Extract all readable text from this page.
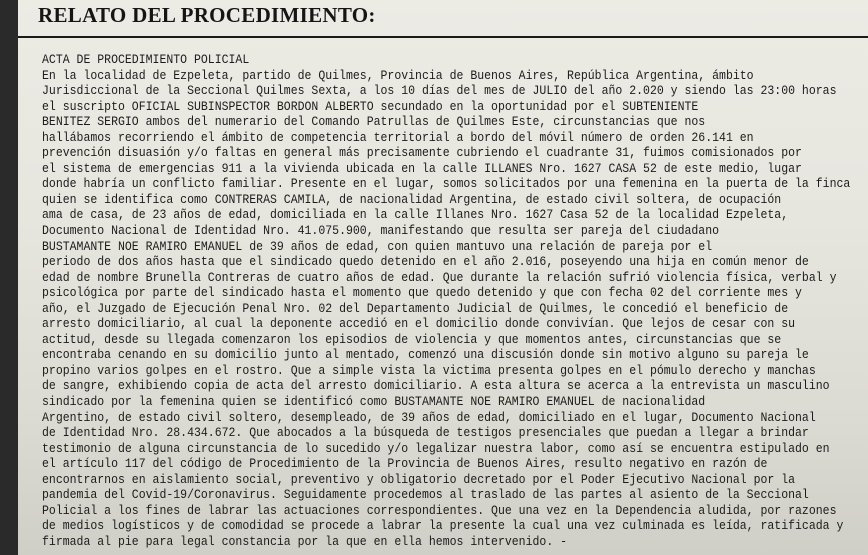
RELATO DEL PROCEDIMIENTO:
ACTA DE PROCEDIMIENTO POLICIAL
En la localidad de Ezpeleta, partido de Quilmes, Provincia de Buenos Aires, República Argentina, ámbito
Jurisdiccional de la Seccional Quilmes Sexta, a los 10 días del mes de JULIO del año 2.020 y siendo las 23:00 horas
el suscripto OFICIAL SUBINSPECTOR BORDON ALBERTO secundado en la oportunidad por el SUBTENIENTE
BENITEZ SERGIO ambos del numerario del Comando Patrullas de Quilmes Este, circunstancias que nos
hallábamos recorriendo el ámbito de competencia territorial a bordo del móvil número de orden 26.141 en
prevención disuasión y/o faltas en general más precisamente cubriendo el cuadrante 31, fuimos comisionados por
el sistema de emergencias 911 a la vivienda ubicada en la calle ILLANES Nro. 1627 CASA 52 de este medio, lugar
donde habría un conflicto familiar. Presente en el lugar, somos solicitados por una femenina en la puerta de la finca
quien se identifica como CONTRERAS CAMILA, de nacionalidad Argentina, de estado civil soltera, de ocupación
ama de casa, de 23 años de edad, domiciliada en la calle Illanes Nro. 1627 Casa 52 de la localidad Ezpeleta,
Documento Nacional de Identidad Nro. 41.075.900, manifestando que resulta ser pareja del ciudadano
BUSTAMANTE NOE RAMIRO EMANUEL de 39 años de edad, con quien mantuvo una relación de pareja por el
periodo de dos años hasta que el sindicado quedo detenido en el año 2.016, poseyendo una hija en común menor de
edad de nombre Brunella Contreras de cuatro años de edad. Que durante la relación sufrió violencia física, verbal y
psicológica por parte del sindicado hasta el momento que quedo detenido y que con fecha 02 del corriente mes y
año, el Juzgado de Ejecución Penal Nro. 02 del Departamento Judicial de Quilmes, le concedió el beneficio de
arresto domiciliario, al cual la deponente accedió en el domicilio donde convivían. Que lejos de cesar con su
actitud, desde su llegada comenzaron los episodios de violencia y que momentos antes, circunstancias que se
encontraba cenando en su domicilio junto al mentado, comenzó una discusión donde sin motivo alguno su pareja le
propino varios golpes en el rostro. Que a simple vista la victima presenta golpes en el pómulo derecho y manchas
de sangre, exhibiendo copia de acta del arresto domiciliario. A esta altura se acerca a la entrevista un masculino
sindicado por la femenina quien se identificó como BUSTAMANTE NOE RAMIRO EMANUEL de nacionalidad
Argentino, de estado civil soltero, desempleado, de 39 años de edad, domiciliado en el lugar, Documento Nacional
de Identidad Nro. 28.434.672. Que abocados a la búsqueda de testigos presenciales que puedan a llegar a brindar
testimonio de alguna circunstancia de lo sucedido y/o legalizar nuestra labor, como así se encuentra estipulado en
el artículo 117 del código de Procedimiento de la Provincia de Buenos Aires, resulto negativo en razón de
encontrarnos en aislamiento social, preventivo y obligatorio decretado por el Poder Ejecutivo Nacional por la
pandemia del Covid-19/Coronavirus. Seguidamente procedemos al traslado de las partes al asiento de la Seccional
Policial a los fines de labrar las actuaciones correspondientes. Que una vez en la Dependencia aludida, por razones
de medios logísticos y de comodidad se procede a labrar la presente la cual una vez culminada es leída, ratificada y
firmada al pie para legal constancia por la que en ella hemos intervenido. -
